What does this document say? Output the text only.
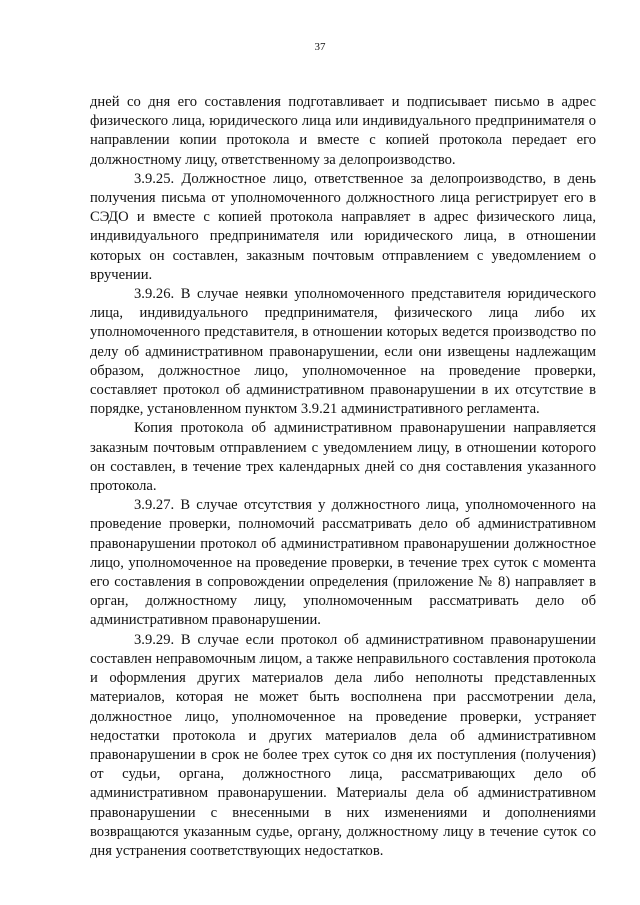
37

дней со дня его составления подготавливает и подписывает письмо в адрес физического лица, юридического лица или индивидуального предпринимателя о направлении копии протокола и вместе с копией протокола передает его должностному лицу, ответственному за делопроизводство.

3.9.25. Должностное лицо, ответственное за делопроизводство, в день получения письма от уполномоченного должностного лица регистрирует его в СЭДО и вместе с копией протокола направляет в адрес физического лица, индивидуального предпринимателя или юридического лица, в отношении которых он составлен, заказным почтовым отправлением с уведомлением о вручении.

3.9.26. В случае неявки уполномоченного представителя юридического лица, индивидуального предпринимателя, физического лица либо их уполномоченного представителя, в отношении которых ведется производство по делу об административном правонарушении, если они извещены надлежащим образом, должностное лицо, уполномоченное на проведение проверки, составляет протокол об административном правонарушении в их отсутствие в порядке, установленном пунктом 3.9.21 административного регламента.

Копия протокола об административном правонарушении направляется заказным почтовым отправлением с уведомлением лицу, в отношении которого он составлен, в течение трех календарных дней со дня составления указанного протокола.

3.9.27. В случае отсутствия у должностного лица, уполномоченного на проведение проверки, полномочий рассматривать дело об административном правонарушении протокол об административном правонарушении должностное лицо, уполномоченное на проведение проверки, в течение трех суток с момента его составления в сопровождении определения (приложение № 8) направляет в орган, должностному лицу, уполномоченным рассматривать дело об административном правонарушении.

3.9.29. В случае если протокол об административном правонарушении составлен неправомочным лицом, а также неправильного составления протокола и оформления других материалов дела либо неполноты представленных материалов, которая не может быть восполнена при рассмотрении дела, должностное лицо, уполномоченное на проведение проверки, устраняет недостатки протокола и других материалов дела об административном правонарушении в срок не более трех суток со дня их поступления (получения) от судьи, органа, должностного лица, рассматривающих дело об административном правонарушении. Материалы дела об административном правонарушении с внесенными в них изменениями и дополнениями возвращаются указанным судье, органу, должностному лицу в течение суток со дня устранения соответствующих недостатков.
